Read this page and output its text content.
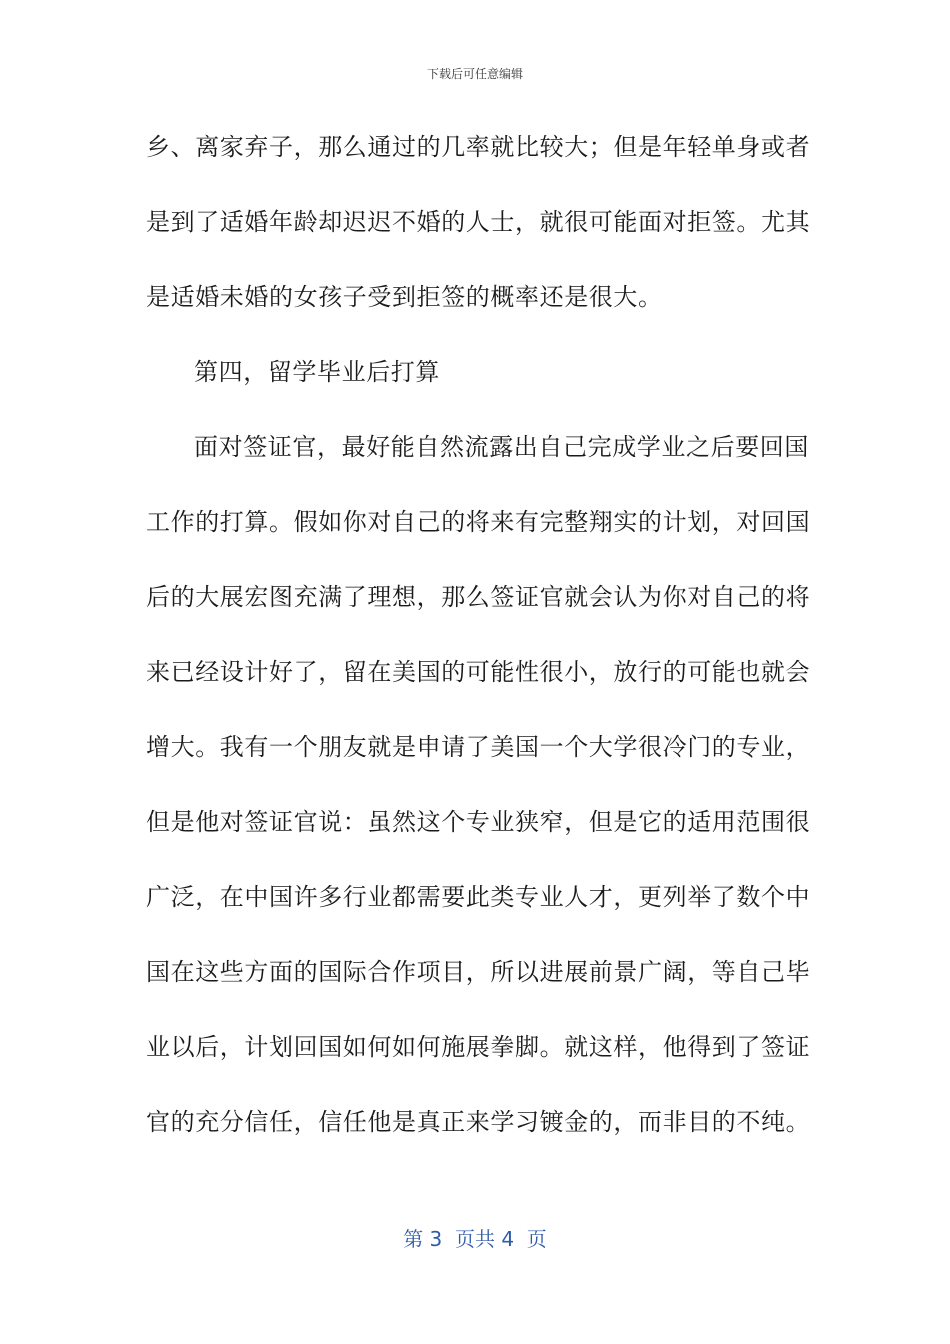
下载后可任意编辑
乡、离家弃子，那么通过的几率就比较大；但是年轻单身或者
是到了适婚年龄却迟迟不婚的人士，就很可能面对拒签。尤其
是适婚未婚的女孩子受到拒签的概率还是很大。
第四，留学毕业后打算
面对签证官，最好能自然流露出自己完成学业之后要回国
工作的打算。假如你对自己的将来有完整翔实的计划，对回国
后的大展宏图充满了理想，那么签证官就会认为你对自己的将
来已经设计好了，留在美国的可能性很小，放行的可能也就会
增大。我有一个朋友就是申请了美国一个大学很冷门的专业，
但是他对签证官说：虽然这个专业狭窄，但是它的适用范围很
广泛，在中国许多行业都需要此类专业人才，更列举了数个中
国在这些方面的国际合作项目，所以进展前景广阔，等自己毕
业以后，计划回国如何如何施展拳脚。就这样，他得到了签证
官的充分信任，信任他是真正来学习镀金的，而非目的不纯。
第 3  页共 4  页
